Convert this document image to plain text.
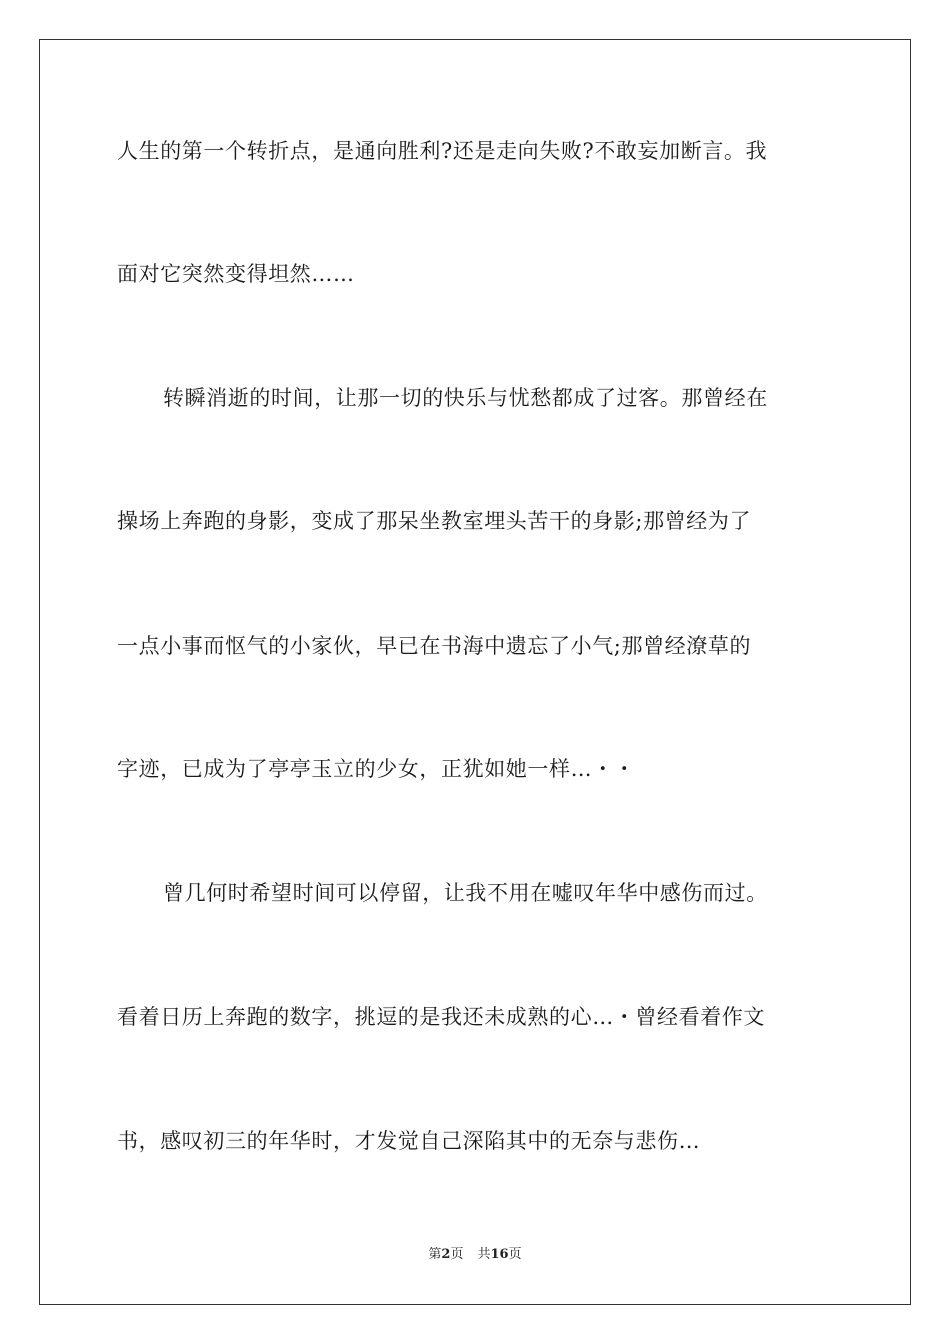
人生的第一个转折点，是通向胜利?还是走向失败?不敢妄加断言。我
面对它突然变得坦然……
转瞬消逝的时间，让那一切的快乐与忧愁都成了过客。那曾经在
操场上奔跑的身影，变成了那呆坐教室埋头苦干的身影;那曾经为了
一点小事而怄气的小家伙，早已在书海中遗忘了小气;那曾经潦草的
字迹，已成为了亭亭玉立的少女，正犹如她一样…・・
曾几何时希望时间可以停留，让我不用在嘘叹年华中感伤而过。
看着日历上奔跑的数字，挑逗的是我还未成熟的心…・曾经看着作文
书，感叹初三的年华时，才发觉自己深陷其中的无奈与悲伤…
第2页 共16页
